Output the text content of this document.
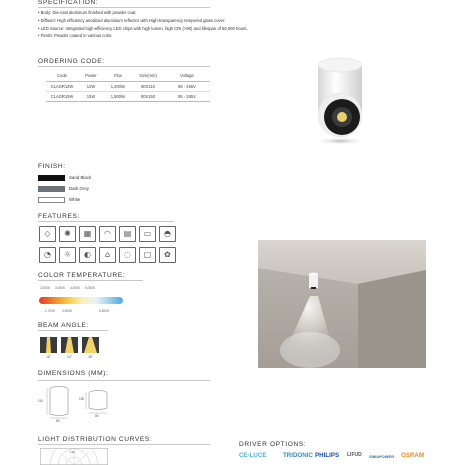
SPECIFICATION:
• Body: Die-cast aluminum finished with powder coat.
• Diffuser: High efficiency anodized aluminium reflector with High-transparency tempered glass cover.
• LED Source: Integrated high-efficiency LED chips with high lumen, high CRI (>90) and lifespan of 50,000 hours.
• Finish: Powder coated in various color.
ORDERING CODE:
Code	Power	Flux	Size(mm)	Voltage
CLAGR12W	12W	1,200lm	80X110	85 - 265V
CLAGR15W	15W	1,500lm	80X150	85 - 265V
FINISH:
Sand Black
Dark Grey
White
FEATURES:
◇	✺	▦	◠	▤	▭	◓
◔	☼	◐	⌂	◌	▢	✿
COLOR TEMPERATURE:
2,000K 3,000K 4,000K 5,000K
2,700K 3,500K	6,500K
BEAM ANGLE:
15°	24°	36°
DIMENSIONS (MM):
110
80
150
80
LIGHT DISTRIBUTION CURVES:
120
DRIVER OPTIONS:
CE·LUCE	TRIDONIC PHILIPS LIFUD SIMAPOWER OSRAM
